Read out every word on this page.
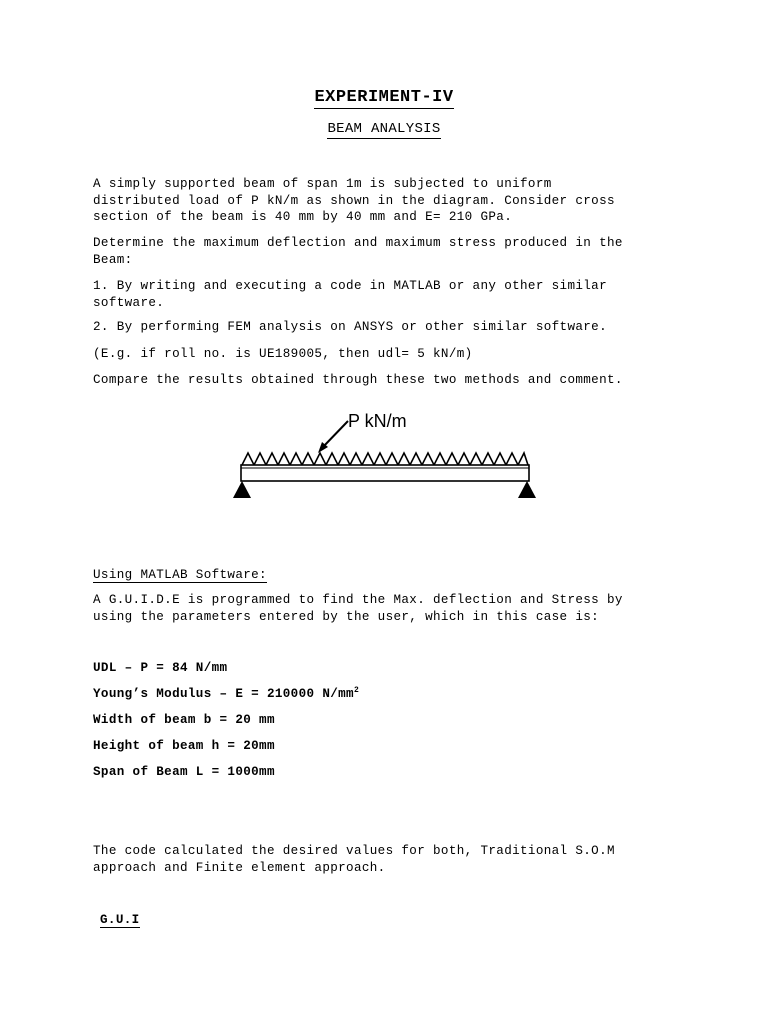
EXPERIMENT-IV
BEAM ANALYSIS

A simply supported beam of span 1m is subjected to uniform
distributed load of P kN/m as shown in the diagram. Consider cross
section of the beam is 40 mm by 40 mm and E= 210 GPa.

Determine the maximum deflection and maximum stress produced in the
Beam:

1. By writing and executing a code in MATLAB or any other similar
software.

2. By performing FEM analysis on ANSYS or other similar software.

(E.g. if roll no. is UE189005, then udl= 5 kN/m)

Compare the results obtained through these two methods and comment.

P kN/m

Using MATLAB Software:

A G.U.I.D.E is programmed to find the Max. deflection and Stress by
using the parameters entered by the user, which in this case is:

UDL – P = 84 N/mm

Young’s Modulus – E = 210000 $N/mm^2$

Width of beam b = 20 mm

Height of beam h = 20mm

Span of Beam L = 1000mm

The code calculated the desired values for both, Traditional S.O.M
approach and Finite element approach.

G.U.I
